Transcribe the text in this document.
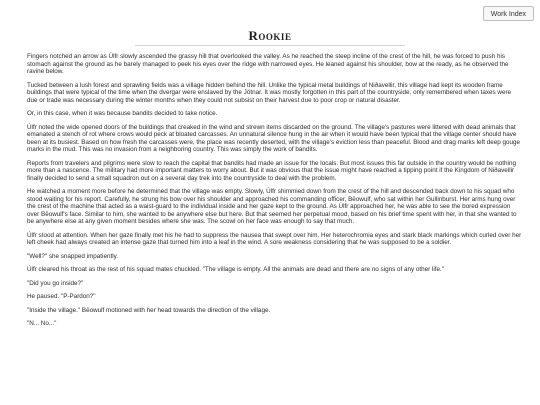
Work Index
Rookie

Fingers notched an arrow as Úlfr slowly ascended the grassy hill that overlooked the valley. As he reached the steep incline of the crest of the hill, he was forced to push his stomach against the ground as he barely managed to peek his eyes over the ridge with narrowed eyes. He leaned against his shoulder, bow at the ready, as he observed the ravine below.

Tucked between a lush forest and sprawling fields was a village hidden behind the hill. Unlike the typical metal buildings of Niðavellir, this village had kept its wooden frame buildings that were typical of the time when the dvergar were enslaved by the Jötnar. It was mostly forgotten in this part of the countryside, only remembered when taxes were due or trade was necessary during the winter months when they could not subsist on their harvest due to poor crop or natural disaster.

Or, in this case, when it was because bandits decided to take notice.

Úlfr noted the wide opened doors of the buildings that creaked in the wind and strewn items discarded on the ground. The village's pastures were littered with dead animals that emanated a stench of rot where crows would peck at bloated carcasses. An unnatural silence hung in the air when it would have been typical that the village center should have been at its busiest. Based on how fresh the carcasses were, the place was recently deserted, with the village's eviction less than peaceful. Blood and drag marks left deep gouge marks in the mud. This was no invasion from a neighboring country. This was simply the work of bandits.

Reports from travelers and pilgrims were slow to reach the capital that bandits had made an issue for the locals. But most issues this far outside in the country would be nothing more than a nascence. The military had more important matters to worry about. But it was obvious that the issue might have reached a tipping point if the Kingdom of Niðavellir finally decided to send a small squadron out on a several day trek into the countryside to deal with the problem.

He watched a moment more before he determined that the village was empty. Slowly, Úlfr shimmied down from the crest of the hill and descended back down to his squad who stood waiting for his report. Carefully, he strung his bow over his shoulder and approached his commanding officer, Bēowulf, who sat within her Gullinburst. Her arms hung over the crest of the machine that acted as a waist-guard to the individual inside and her gaze kept to the ground. As Úlfr approached her, he was able to see the bored expression over Bēowulf's face. Similar to him, she wanted to be anywhere else but here. But that seemed her perpetual mood, based on his brief time spent with her, in that she wanted to be anywhere else at any given moment besides where she was. The scowl on her face was enough to say that much.

Úlfr stood at attention. When her gaze finally met his he had to suppress the nausea that swept over him. Her heterochromia eyes and stark black markings which curled over her left cheek had always created an intense gaze that turned him into a leaf in the wind. A sore weakness considering that he was supposed to be a soldier.

"Well?" she snapped impatiently.

Úlfr cleared his throat as the rest of his squad mates chuckled. "The village is empty. All the animals are dead and there are no signs of any other life."

"Did you go inside?"

He paused. "P-Pardon?"

"Inside the village." Bēowulf motioned with her head towards the direction of the village.

"N... No..."
